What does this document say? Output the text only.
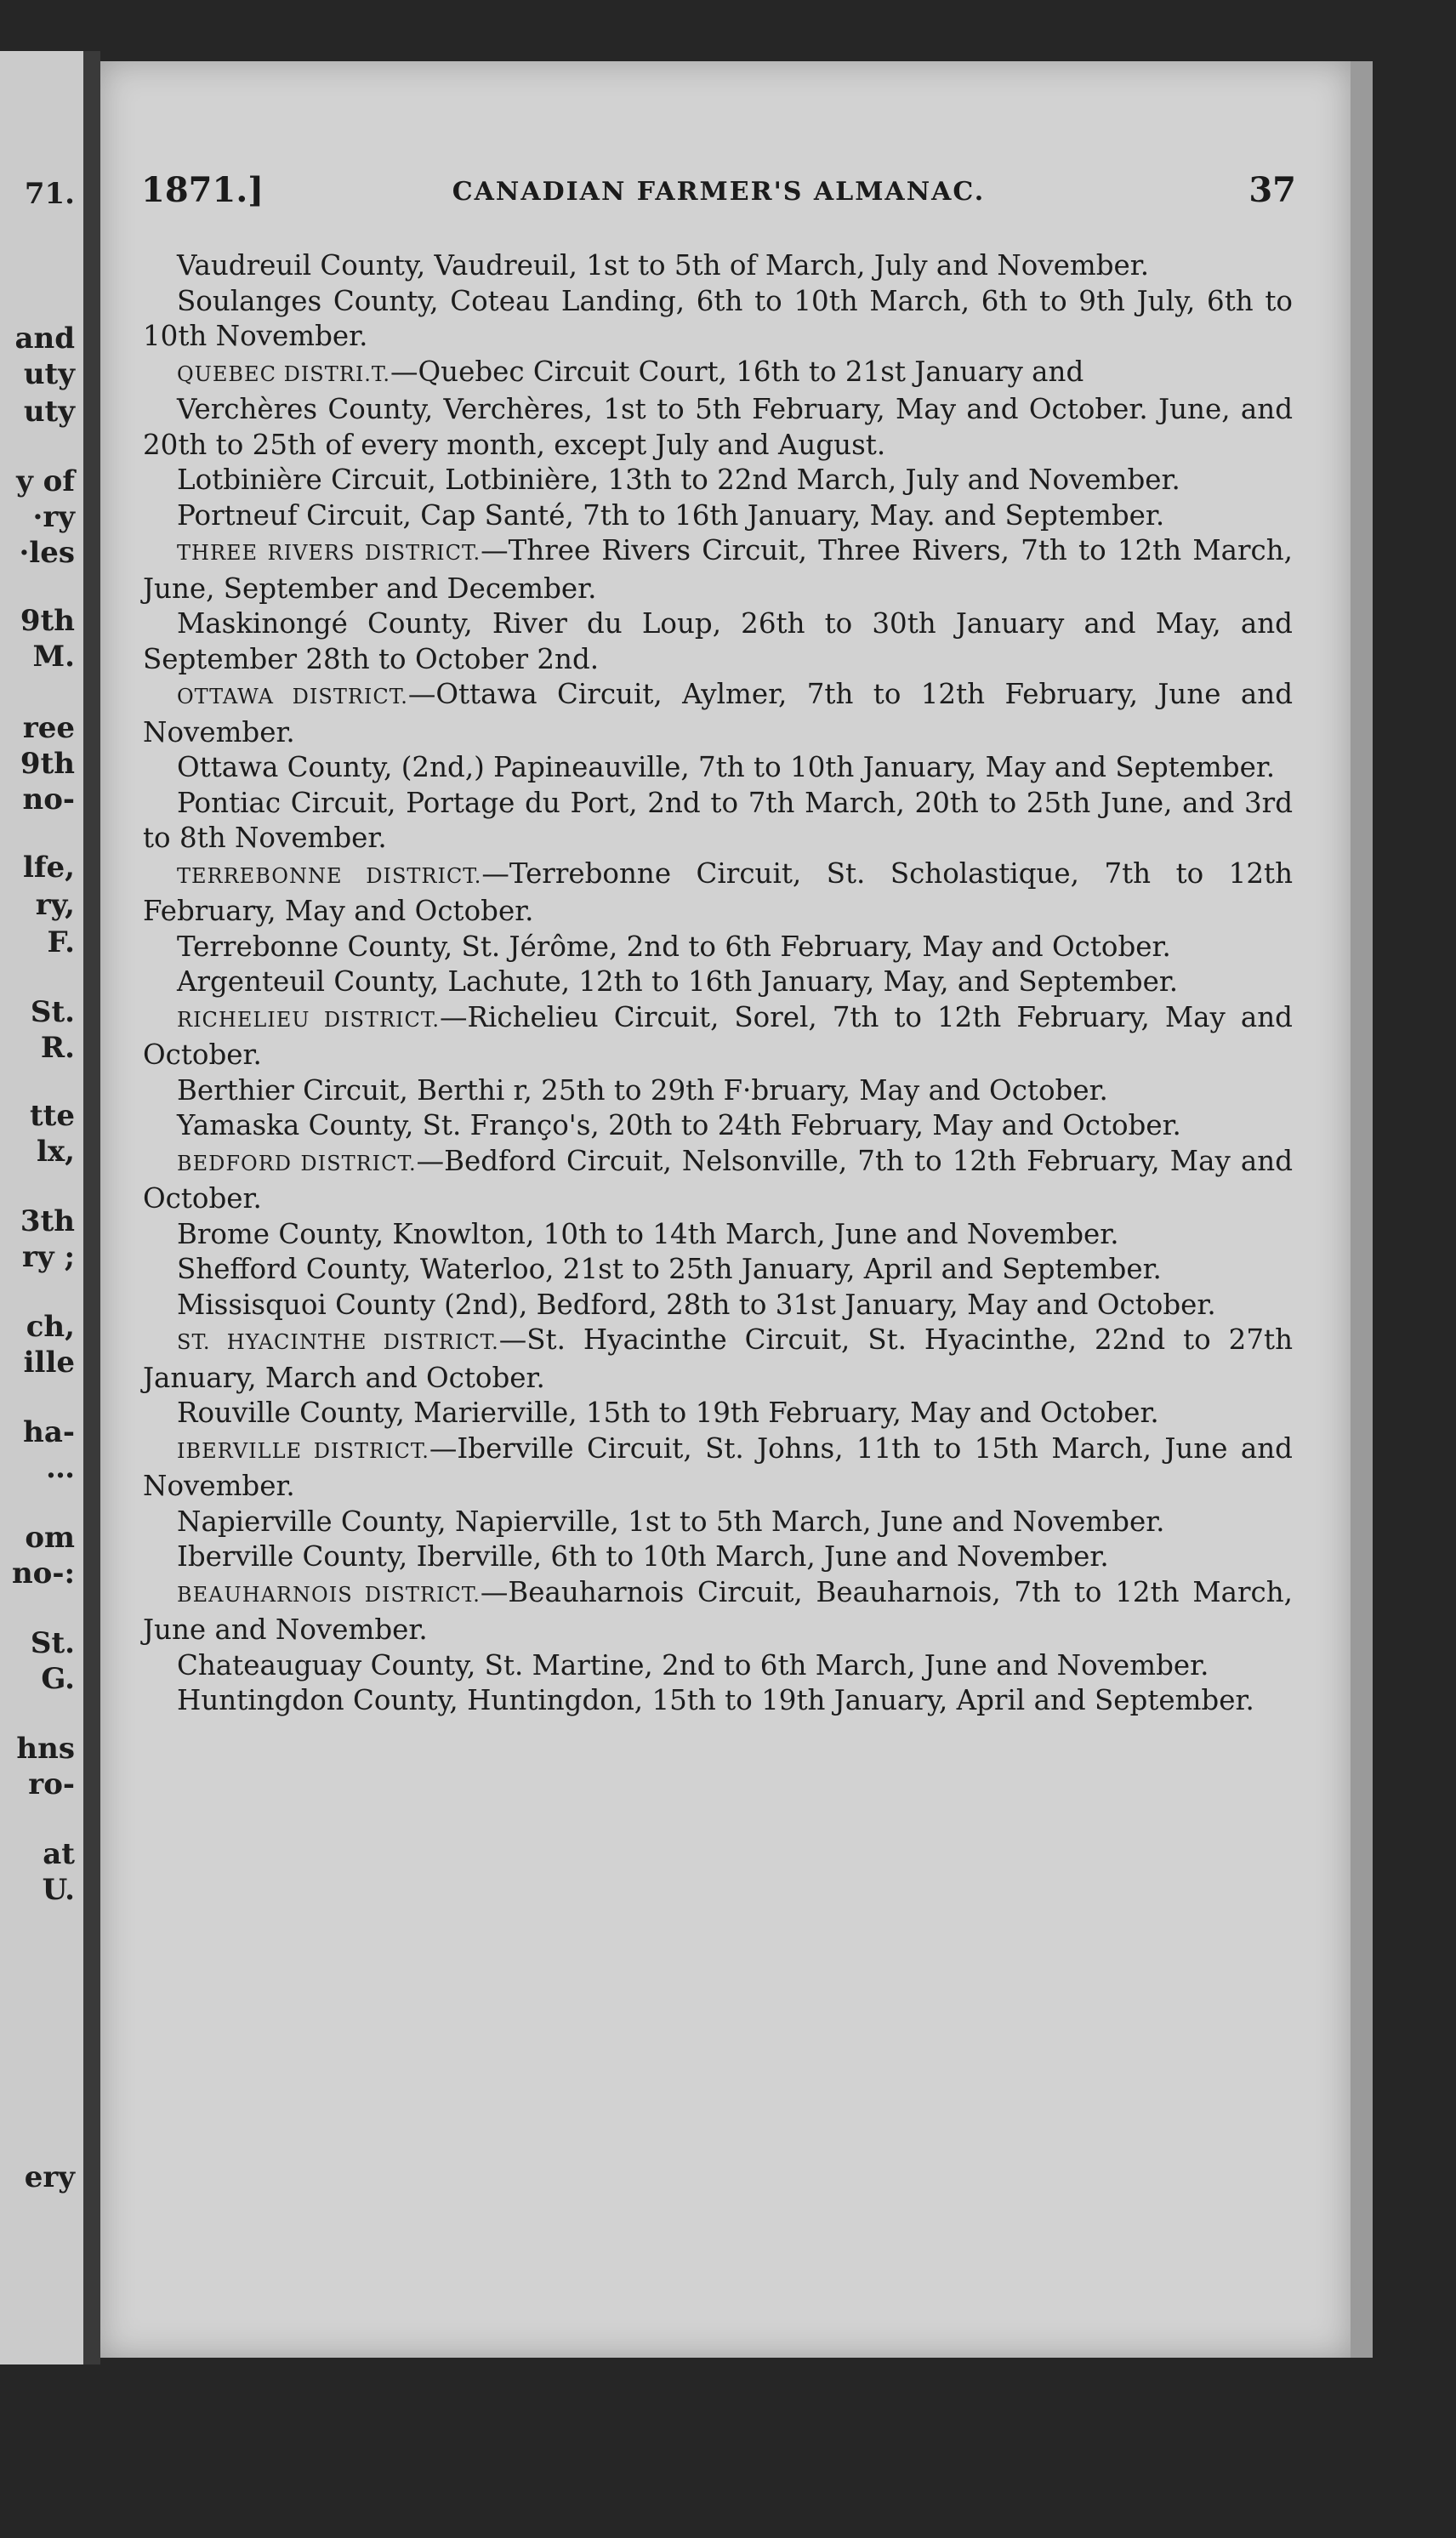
71.
and
uty
uty
y of
·ry
·les
9th
M.
ree
9th
no-
lfe,
ry,
F.
St.
R.
tte
lx,
3th
ry ;
ch,
ille
ha-
…
om
no-:
St.
G.
hns
ro-
at
U.
ery
1871.]	CANADIAN FARMER'S ALMANAC.	37

Vaudreuil County, Vaudreuil, 1st to 5th of March, July and November.

Soulanges County, Coteau Landing, 6th to 10th March, 6th to 9th July, 6th to 10th November.

QUEBEC DISTRI.T.—Quebec Circuit Court, 16th to 21st January and

Verchères County, Verchères, 1st to 5th February, May and October. June, and 20th to 25th of every month, except July and August.

Lotbinière Circuit, Lotbinière, 13th to 22nd March, July and November.

Portneuf Circuit, Cap Santé, 7th to 16th January, May. and September.

THREE RIVERS DISTRICT.—Three Rivers Circuit, Three Rivers, 7th to 12th March, June, September and December.

Maskinongé County, River du Loup, 26th to 30th January and May, and September 28th to October 2nd.

OTTAWA DISTRICT.—Ottawa Circuit, Aylmer, 7th to 12th February, June and November.

Ottawa County, (2nd,) Papineauville, 7th to 10th January, May and September.

Pontiac Circuit, Portage du Port, 2nd to 7th March, 20th to 25th June, and 3rd to 8th November.

TERREBONNE DISTRICT.—Terrebonne Circuit, St. Scholastique, 7th to 12th February, May and October.

Terrebonne County, St. Jérôme, 2nd to 6th February, May and October.

Argenteuil County, Lachute, 12th to 16th January, May, and September.

RICHELIEU DISTRICT.—Richelieu Circuit, Sorel, 7th to 12th February, May and October.

Berthier Circuit, Berthi r, 25th to 29th F·bruary, May and October.

Yamaska County, St. Franço's, 20th to 24th February, May and October.

BEDFORD DISTRICT.—Bedford Circuit, Nelsonville, 7th to 12th February, May and October.

Brome County, Knowlton, 10th to 14th March, June and November.

Shefford County, Waterloo, 21st to 25th January, April and September.

Missisquoi County (2nd), Bedford, 28th to 31st January, May and October.

ST. HYACINTHE DISTRICT.—St. Hyacinthe Circuit, St. Hyacinthe, 22nd to 27th January, March and October.

Rouville County, Marierville, 15th to 19th February, May and October.

IBERVILLE DISTRICT.—Iberville Circuit, St. Johns, 11th to 15th March, June and November.

Napierville County, Napierville, 1st to 5th March, June and November.

Iberville County, Iberville, 6th to 10th March, June and November.

BEAUHARNOIS DISTRICT.—Beauharnois Circuit, Beauharnois, 7th to 12th March, June and November.

Chateauguay County, St. Martine, 2nd to 6th March, June and November.

Huntingdon County, Huntingdon, 15th to 19th January, April and September.
